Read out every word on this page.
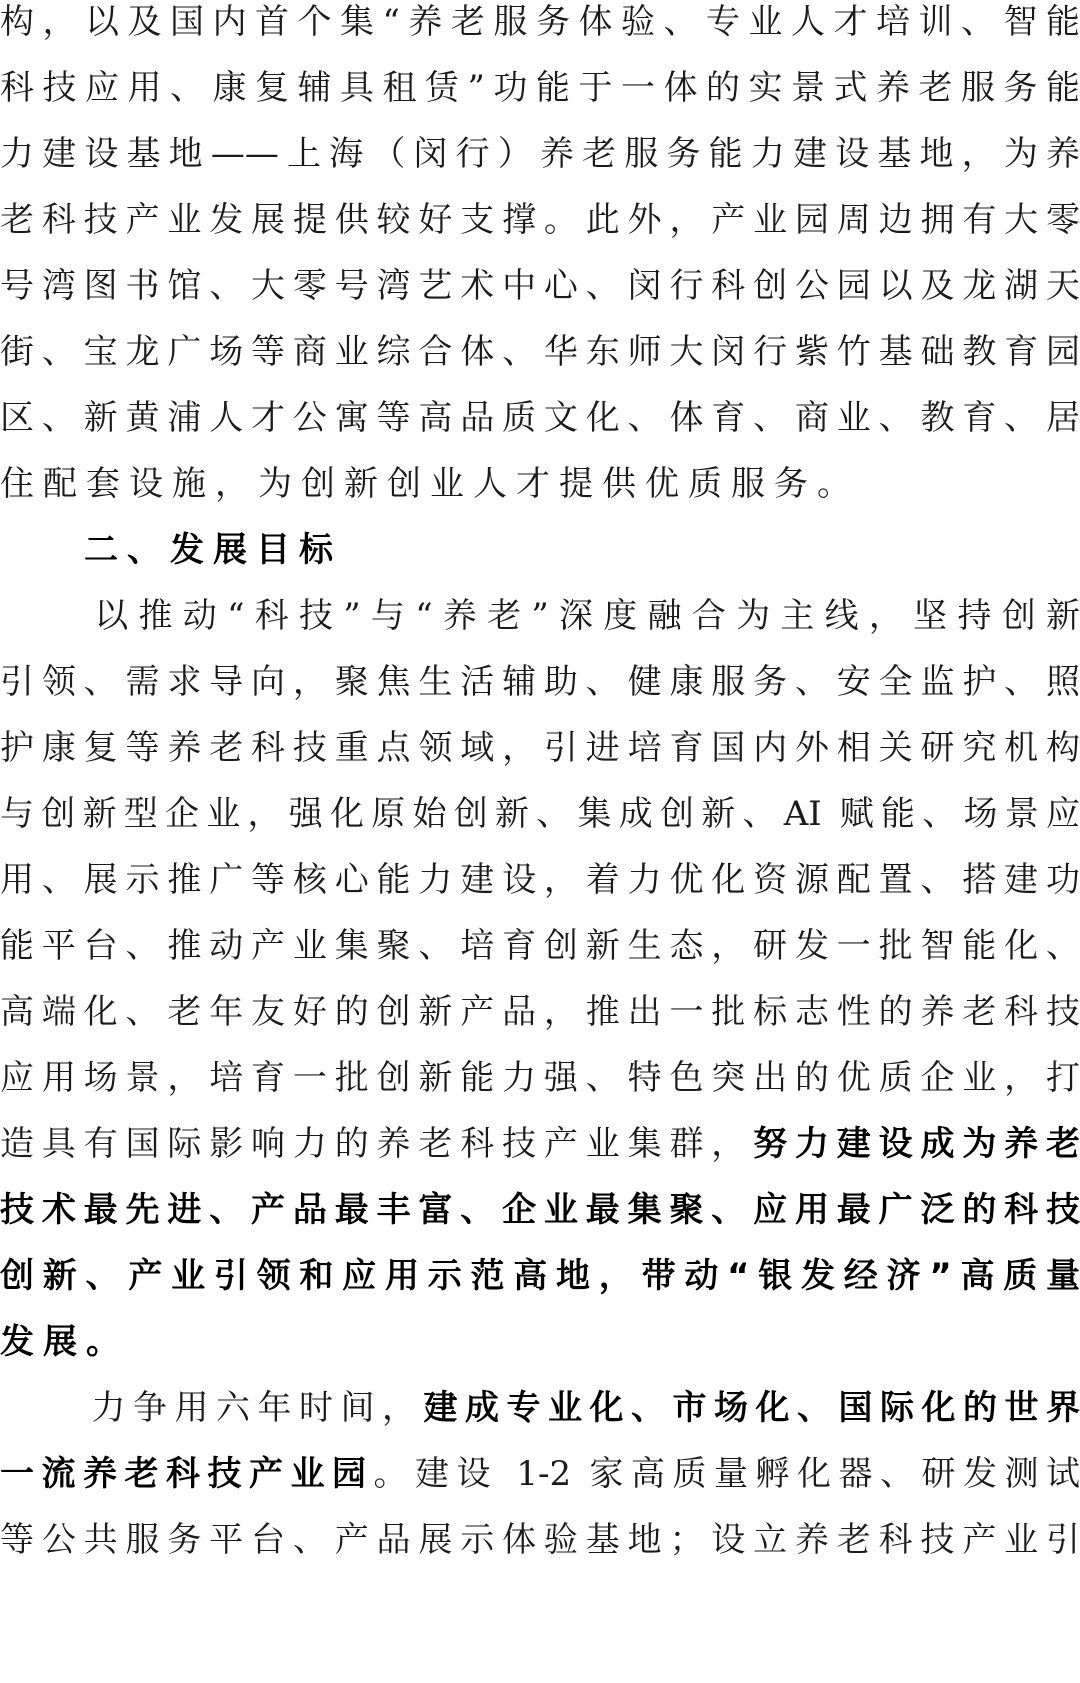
构，以及国内首个集“养老服务体验、专业人才培训、智能
科技应用、康复辅具租赁”功能于一体的实景式养老服务能
力建设基地——上海（闵行）养老服务能力建设基地，为养
老科技产业发展提供较好支撑。此外，产业园周边拥有大零
号湾图书馆、大零号湾艺术中心、闵行科创公园以及龙湖天
街、宝龙广场等商业综合体、华东师大闵行紫竹基础教育园
区、新黄浦人才公寓等高品质文化、体育、商业、教育、居
住配套设施，为创新创业人才提供优质服务。
二、发展目标
以推动“科技”与“养老”深度融合为主线，坚持创新
引领、需求导向，聚焦生活辅助、健康服务、安全监护、照
护康复等养老科技重点领域，引进培育国内外相关研究机构
与创新型企业，强化原始创新、集成创新、AI 赋能、场景应
用、展示推广等核心能力建设，着力优化资源配置、搭建功
能平台、推动产业集聚、培育创新生态，研发一批智能化、
高端化、老年友好的创新产品，推出一批标志性的养老科技
应用场景，培育一批创新能力强、特色突出的优质企业，打
造具有国际影响力的养老科技产业集群，努力建设成为养老
技术最先进、产品最丰富、企业最集聚、应用最广泛的科技
创新、产业引领和应用示范高地，带动“银发经济”高质量
发展。
力争用六年时间，建成专业化、市场化、国际化的世界
一流养老科技产业园。建设 1-2 家高质量孵化器、研发测试
等公共服务平台、产品展示体验基地；设立养老科技产业引
